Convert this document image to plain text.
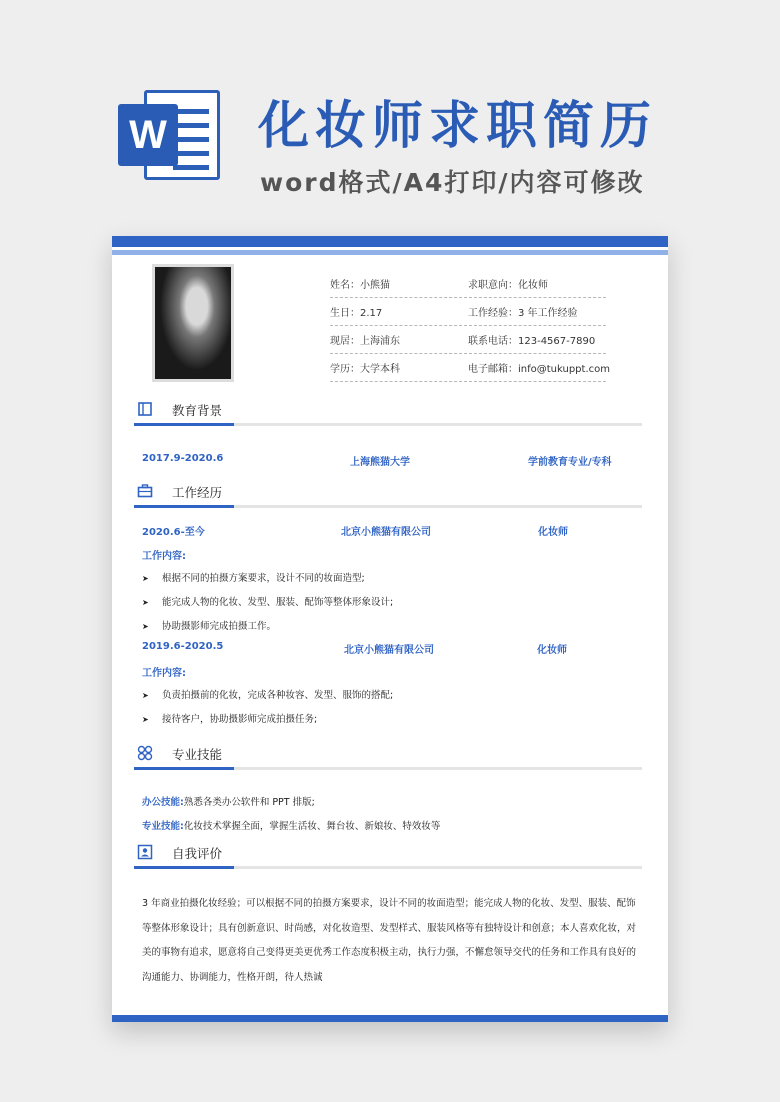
W 化妆师求职简历
word格式/A4打印/内容可修改
姓名：小熊猫	求职意向：化妆师
生日：2.17	工作经验：3 年工作经验
现居：上海浦东	联系电话：123-4567-7890
学历：大学本科	电子邮箱：info@tukuppt.com
教育背景
2017.9-2020.6	上海熊猫大学	学前教育专业/专科
工作经历
2020.6-至今	北京小熊猫有限公司	化妆师
工作内容:
➤ 根据不同的拍摄方案要求，设计不同的妆面造型;
➤ 能完成人物的化妆、发型、服装、配饰等整体形象设计;
➤ 协助摄影师完成拍摄工作。
2019.6-2020.5	北京小熊猫有限公司	化妆师
工作内容:
➤ 负责拍摄前的化妆，完成各种妆容、发型、服饰的搭配;
➤ 接待客户，协助摄影师完成拍摄任务;
专业技能
办公技能:熟悉各类办公软件和 PPT 排版;
专业技能:化妆技术掌握全面，掌握生活妆、舞台妆、新娘妆、特效妆等
自我评价
3 年商业拍摄化妆经验；可以根据不同的拍摄方案要求，设计不同的妆面造型；能完成人物的化妆、发型、服装、配饰等整体形象设计；具有创新意识、时尚感，对化妆造型、发型样式、服装风格等有独特设计和创意；本人喜欢化妆，对美的事物有追求，愿意将自己变得更美更优秀工作态度积极主动，执行力强，不懈怠领导交代的任务和工作具有良好的沟通能力、协调能力，性格开朗，待人热诚
